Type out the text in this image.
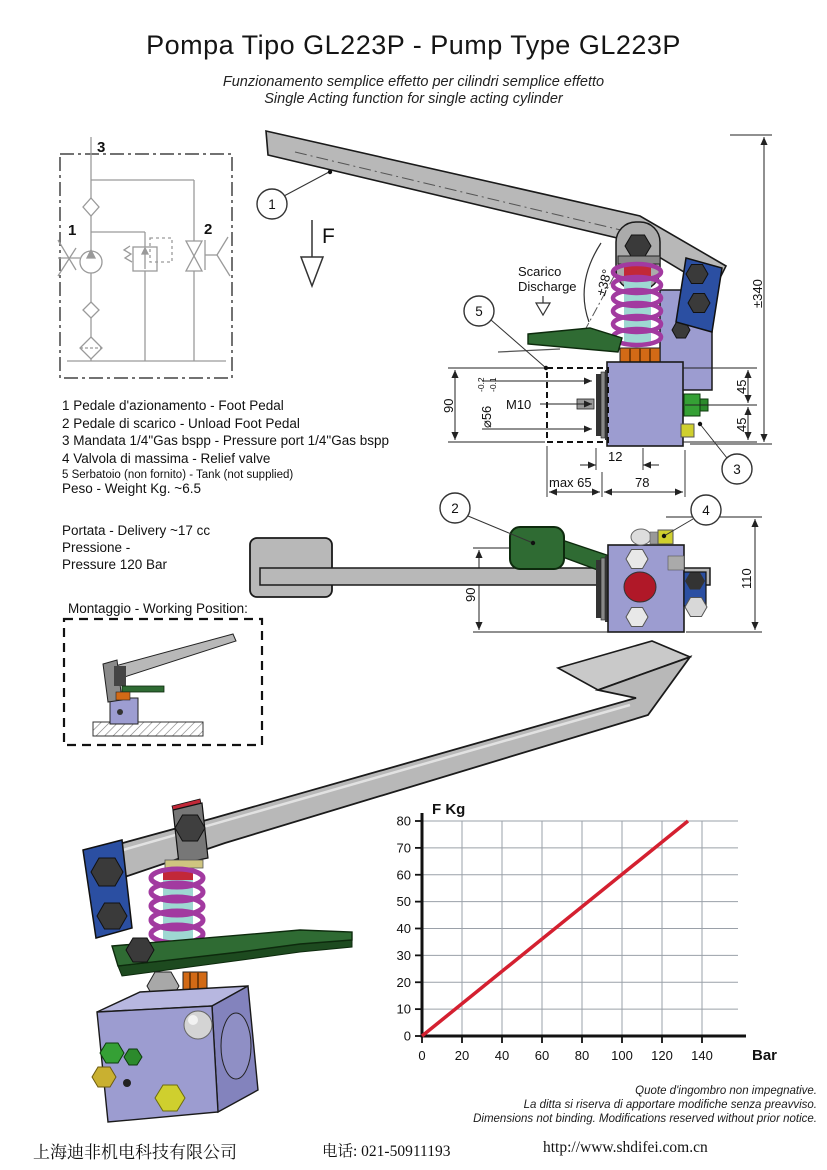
Pompa Tipo GL223P - Pump Type GL223P
Funzionamento semplice effetto per cilindri semplice effetto
Single Acting function for single acting cylinder
3
1	2	F
Scarico
Discharge ±38°
90 ⌀56
-0.2 -0.1
M10
45
45
±340
12
max 65	78
1
5
3
90
110
2	4
Montaggio - Working Position:
1 Pedale d'azionamento - Foot Pedal
2 Pedale di scarico - Unload Foot Pedal
3 Mandata 1/4"Gas bspp - Pressure port 1/4"Gas bspp
4 Valvola di massima - Relief valve
5 Serbatoio (non fornito) - Tank (not supplied)
Peso - Weight Kg. ~6.5
Portata - Delivery ~17 cc
Pressione -
Pressure 120 Bar
0
10
20
30
40
50
60
70
80
0 20 40 60 80 100 120 140
F Kg
Bar
Quote d'ingombro non impegnative.
La ditta si riserva di apportare modifiche senza preavviso.
Dimensions not binding. Modifications reserved without prior notice.
上海迪非机电科技有限公司	电话: 021-50911193	http://www.shdifei.com.cn
